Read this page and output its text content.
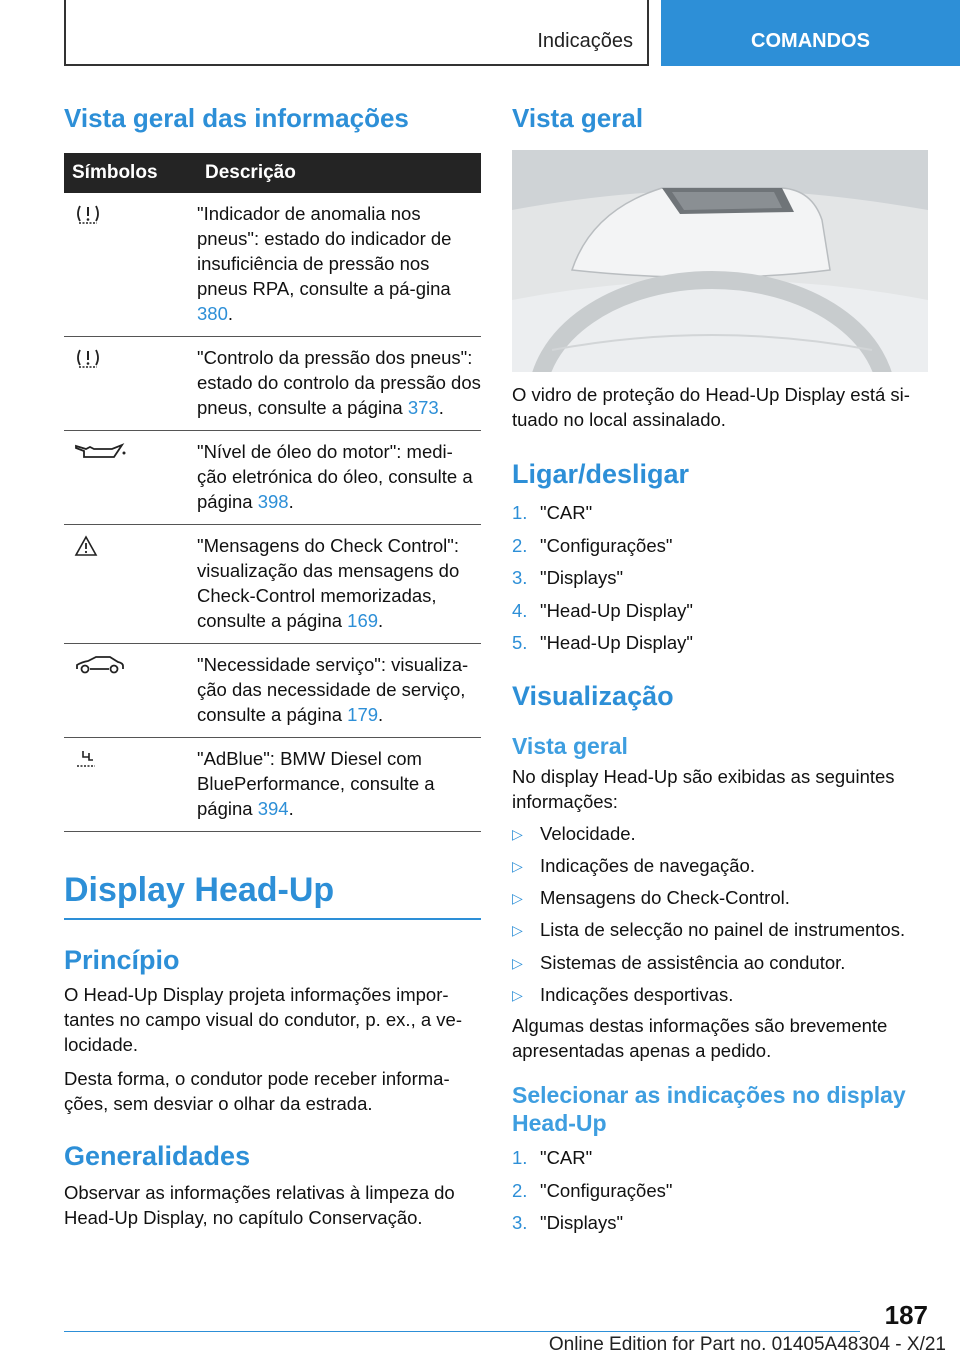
Indicações	COMANDOS
Vista geral das informações
Símbolos	Descrição
	"Indicador de anomalia nos pneus": estado do indicador de insuficiência de pressão nos pneus RPA, consulte a pá-gina 380.
	"Controlo da pressão dos pneus": estado do controlo da pressão dos pneus, consulte a página 373.
	"Nível de óleo do motor": medi-ção eletrónica do óleo, consulte a página 398.
	"Mensagens do Check Control": visualização das mensagens do Check-Control memorizadas, consulte a página 169.
	"Necessidade serviço": visualiza-ção das necessidade de serviço, consulte a página 179.
	"AdBlue": BMW Diesel com BluePerformance, consulte a página 394.
Display Head-Up
Princípio

O Head-Up Display projeta informações impor-tantes no campo visual do condutor, p. ex., a ve-locidade.

Desta forma, o condutor pode receber informa-ções, sem desviar o olhar da estrada.

Generalidades

Observar as informações relativas à limpeza do Head-Up Display, no capítulo Conservação.

Vista geral

O vidro de proteção do Head-Up Display está si-tuado no local assinalado.

Ligar/desligar
1. "CAR"
2. "Configurações"
3. "Displays"
4. "Head-Up Display"
5. "Head-Up Display"
Visualização
Vista geral

No display Head-Up são exibidas as seguintes informações:

▷ Velocidade.
▷ Indicações de navegação.
▷ Mensagens do Check-Control.
▷ Lista de selecção no painel de instrumentos.
▷ Sistemas de assistência ao condutor.
▷ Indicações desportivas.

Algumas destas informações são brevemente apresentadas apenas a pedido.

Selecionar as indicações no display Head-Up
1. "CAR"
2. "Configurações"
3. "Displays"
187
Online Edition for Part no. 01405A48304 - X/21
